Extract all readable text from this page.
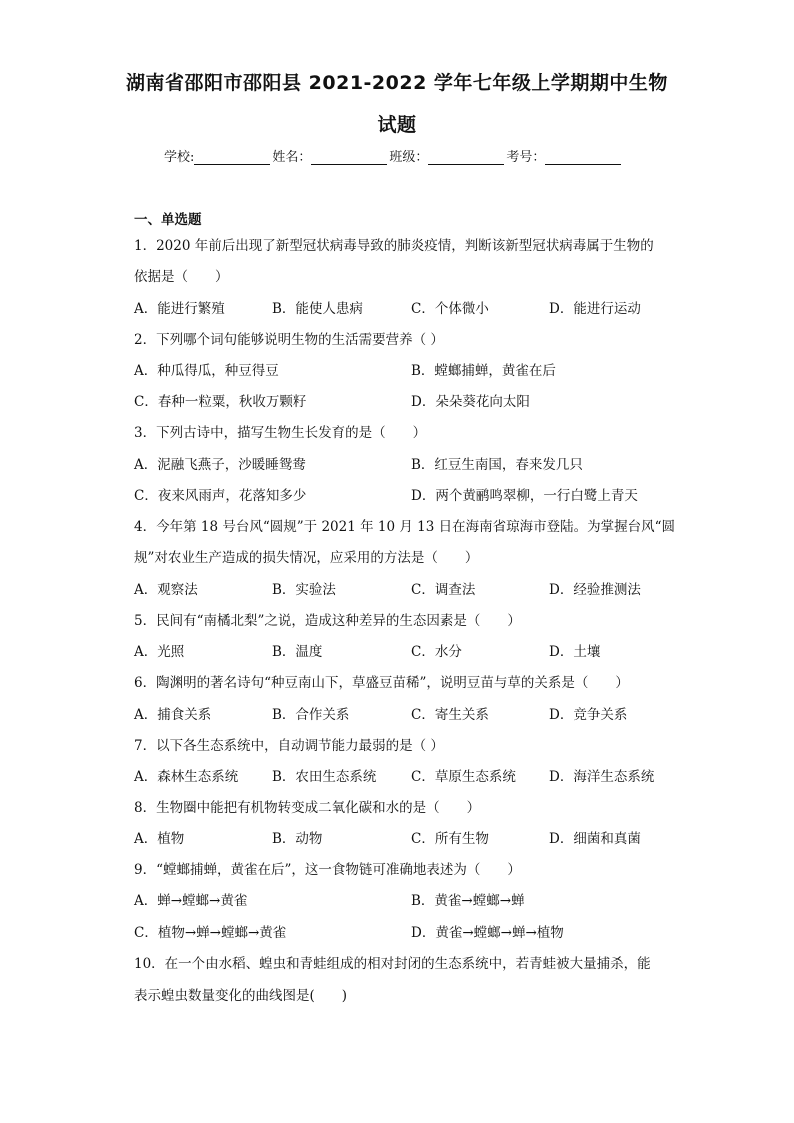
湖南省邵阳市邵阳县 2021-2022 学年七年级上学期期中生物
试题
学校:	姓名：	班级：	考号：
一、单选题
1．2020 年前后出现了新型冠状病毒导致的肺炎疫情，判断该新型冠状病毒属于生物的
依据是（　　）
A．能进行繁殖	B．能使人患病	C．个体微小	D．能进行运动
2．下列哪个词句能够说明生物的生活需要营养（ ）
A．种瓜得瓜，种豆得豆	B．螳螂捕蝉，黄雀在后
C．春种一粒粟，秋收万颗籽	D．朵朵葵花向太阳
3．下列古诗中，描写生物生长发育的是（　　）
A．泥融飞燕子，沙暖睡鸳鸯	B．红豆生南国，春来发几只
C．夜来风雨声，花落知多少	D．两个黄鹂鸣翠柳，一行白鹭上青天
4．今年第 18 号台风“圆规”于 2021 年 10 月 13 日在海南省琼海市登陆。为掌握台风“圆
规”对农业生产造成的损失情况，应采用的方法是（　　）
A．观察法	B．实验法	C．调查法	D．经验推测法
5．民间有“南橘北梨”之说，造成这种差异的生态因素是（　　）
A．光照	B．温度	C．水分	D．土壤
6．陶渊明的著名诗句“种豆南山下，草盛豆苗稀”，说明豆苗与草的关系是（　　）
A．捕食关系	B．合作关系	C．寄生关系	D．竞争关系
7．以下各生态系统中，自动调节能力最弱的是（ ）
A．森林生态系统	B．农田生态系统	C．草原生态系统 D．海洋生态系统
8．生物圈中能把有机物转变成二氧化碳和水的是（　　）
A．植物	B．动物	C．所有生物	D．细菌和真菌
9．“螳螂捕蝉，黄雀在后”，这一食物链可准确地表述为（　　）
A．蝉→螳螂→黄雀	B．黄雀→螳螂→蝉
C．植物→蝉→螳螂→黄雀	D．黄雀→螳螂→蝉→植物
10．在一个由水稻、蝗虫和青蛙组成的相对封闭的生态系统中，若青蛙被大量捕杀，能
表示蝗虫数量变化的曲线图是(　　)
